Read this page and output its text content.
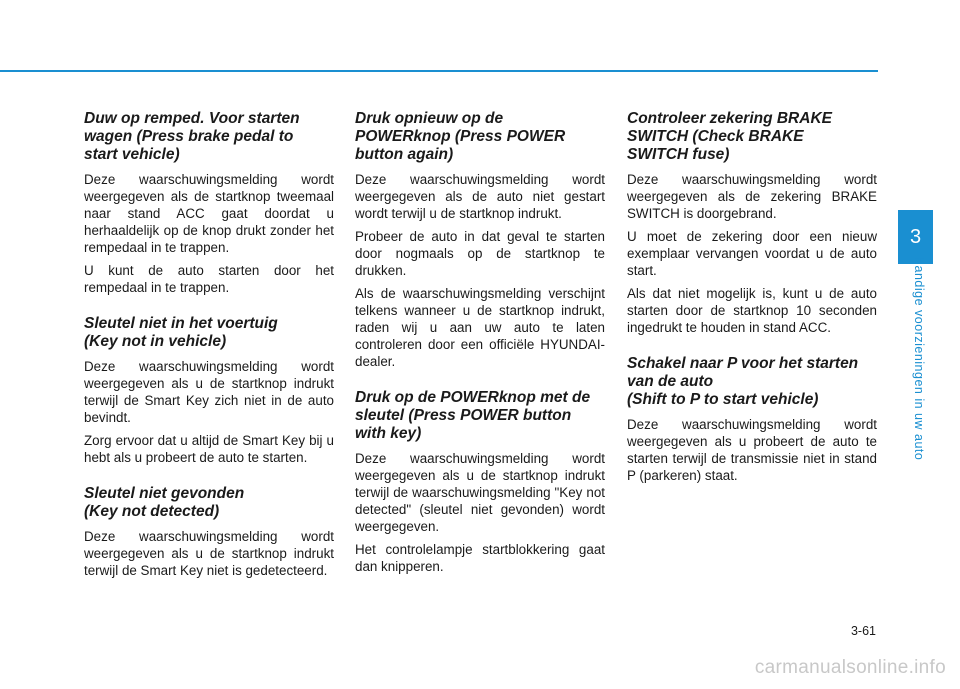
Duw op remped. Voor starten
wagen (Press brake pedal to
start vehicle)

Deze waarschuwingsmelding wordt weergegeven als de startknop tweemaal naar stand ACC gaat doordat u herhaaldelijk op de knop drukt zonder het rempedaal in te trappen.

U kunt de auto starten door het rempedaal in te trappen.

Sleutel niet in het voertuig
(Key not in vehicle)

Deze waarschuwingsmelding wordt weergegeven als u de startknop indrukt terwijl de Smart Key zich niet in de auto bevindt.

Zorg ervoor dat u altijd de Smart Key bij u hebt als u probeert de auto te starten.

Sleutel niet gevonden
(Key not detected)

Deze waarschuwingsmelding wordt weergegeven als u de startknop indrukt terwijl de Smart Key niet is gedetecteerd.

Druk opnieuw op de
POWERknop (Press POWER
button again)

Deze waarschuwingsmelding wordt weergegeven als de auto niet gestart wordt terwijl u de startknop indrukt.

Probeer de auto in dat geval te starten door nogmaals op de startknop te drukken.

Als de waarschuwingsmelding verschijnt telkens wanneer u de startknop indrukt, raden wij u aan uw auto te laten controleren door een officiële HYUNDAI-dealer.

Druk op de POWERknop met de
sleutel (Press POWER button
with key)

Deze waarschuwingsmelding wordt weergegeven als u de startknop indrukt terwijl de waarschuwingsmelding "Key not detected" (sleutel niet gevonden) wordt weergegeven.

Het controlelampje startblokkering gaat dan knipperen.

Controleer zekering BRAKE
SWITCH (Check BRAKE
SWITCH fuse)

Deze waarschuwingsmelding wordt weergegeven als de zekering BRAKE SWITCH is doorgebrand.

U moet de zekering door een nieuw exemplaar vervangen voordat u de auto start.

Als dat niet mogelijk is, kunt u de auto starten door de startknop 10 seconden ingedrukt te houden in stand ACC.

Schakel naar P voor het starten
van de auto
(Shift to P to start vehicle)

Deze waarschuwingsmelding wordt weergegeven als u probeert de auto te starten terwijl de transmissie niet in stand P (parkeren) staat.

3
Handige voorzieningen in uw auto
3-61
carmanualsonline.info
